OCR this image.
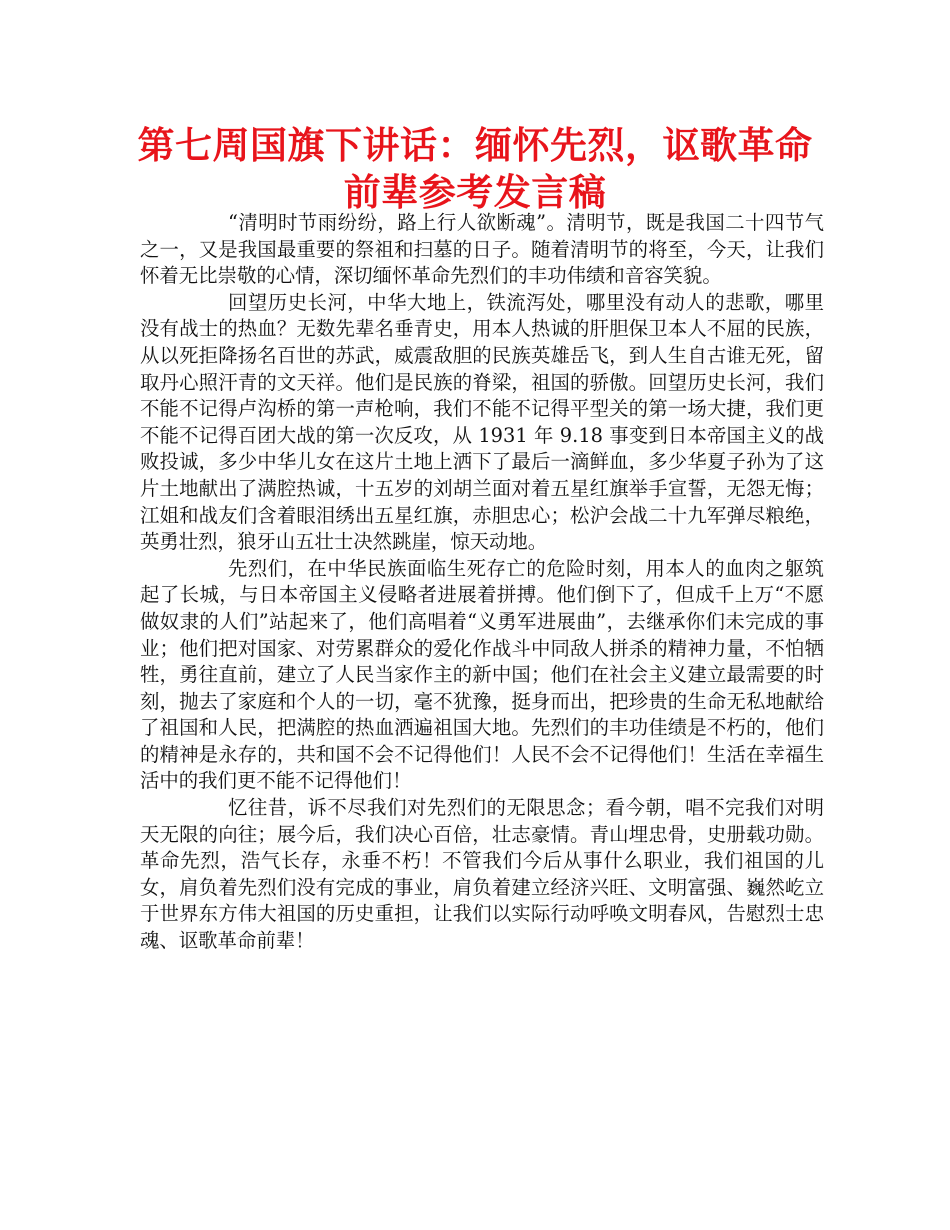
第七周国旗下讲话：缅怀先烈，讴歌革命
前辈参考发言稿

“清明时节雨纷纷，路上行人欲断魂”。清明节，既是我国二十四节气之一，又是我国最重要的祭祖和扫墓的日子。随着清明节的将至，今天，让我们怀着无比崇敬的心情，深切缅怀革命先烈们的丰功伟绩和音容笑貌。

回望历史长河，中华大地上，铁流泻处，哪里没有动人的悲歌，哪里没有战士的热血？无数先辈名垂青史，用本人热诚的肝胆保卫本人不屈的民族，从以死拒降扬名百世的苏武，威震敌胆的民族英雄岳飞，到人生自古谁无死，留取丹心照汗青的文天祥。他们是民族的脊梁，祖国的骄傲。回望历史长河，我们不能不记得卢沟桥的第一声枪响，我们不能不记得平型关的第一场大捷，我们更不能不记得百团大战的第一次反攻，从 1931 年 9.18 事变到日本帝国主义的战败投诚，多少中华儿女在这片土地上洒下了最后一滴鲜血，多少华夏子孙为了这片土地献出了满腔热诚，十五岁的刘胡兰面对着五星红旗举手宣誓，无怨无悔；江姐和战友们含着眼泪绣出五星红旗，赤胆忠心；松沪会战二十九军弹尽粮绝，英勇壮烈，狼牙山五壮士决然跳崖，惊天动地。

先烈们，在中华民族面临生死存亡的危险时刻，用本人的血肉之躯筑起了长城，与日本帝国主义侵略者进展着拼搏。他们倒下了，但成千上万“不愿做奴隶的人们”站起来了，他们高唱着“义勇军进展曲”，去继承你们未完成的事业；他们把对国家、对劳累群众的爱化作战斗中同敌人拼杀的精神力量，不怕牺牲，勇往直前，建立了人民当家作主的新中国；他们在社会主义建立最需要的时刻，抛去了家庭和个人的一切，毫不犹豫，挺身而出，把珍贵的生命无私地献给了祖国和人民，把满腔的热血洒遍祖国大地。先烈们的丰功佳绩是不朽的，他们的精神是永存的，共和国不会不记得他们！人民不会不记得他们！生活在幸福生活中的我们更不能不记得他们！

忆往昔，诉不尽我们对先烈们的无限思念；看今朝，唱不完我们对明天无限的向往；展今后，我们决心百倍，壮志豪情。青山埋忠骨，史册载功勋。革命先烈，浩气长存，永垂不朽！不管我们今后从事什么职业，我们祖国的儿女，肩负着先烈们没有完成的事业，肩负着建立经济兴旺、文明富强、巍然屹立于世界东方伟大祖国的历史重担，让我们以实际行动呼唤文明春风，告慰烈士忠魂、讴歌革命前辈！
